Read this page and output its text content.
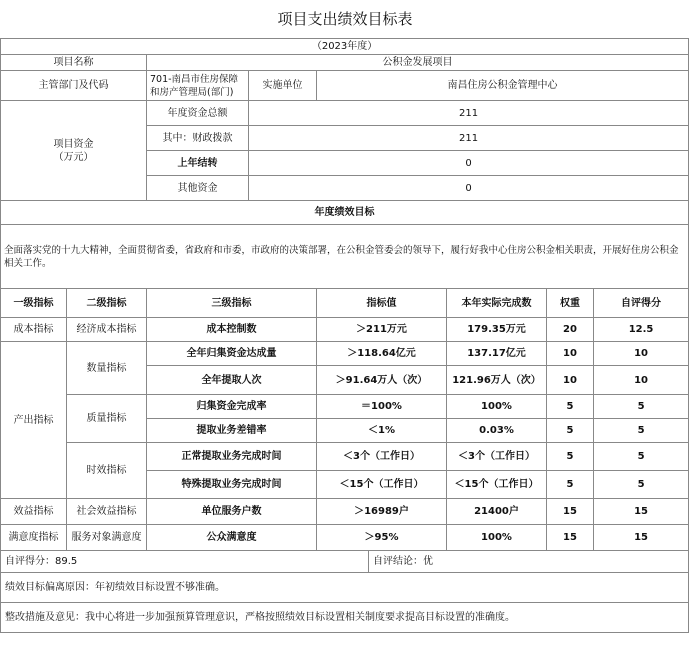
项目支出绩效目标表
（2023年度）								
项目名称		公积金发展项目						
主管部门及代码		701-南昌市住房保障和房产管理局(部门)	实施单位	南昌住房公积金管理中心				
项目资金
（万元）		年度资金总额	211					
		其中：财政拨款	211					
		上年结转	0					
		其他资金	0					
年度绩效目标								
全面落实党的十九大精神，全面贯彻省委，省政府和市委，市政府的决策部署，在公积金管委会的领导下，履行好我中心住房公积金相关职责，开展好住房公积金相关工作。								
一级指标	二级指标	三级指标		指标值		本年实际完成数	权重	自评得分
成本指标	经济成本指标	成本控制数		＞211万元		179.35万元	20	12.5
产出指标	数量指标	全年归集资金达成量		＞118.64亿元		137.17亿元	10	10
		全年提取人次		＞91.64万人（次）		121.96万人（次）	10	10
	质量指标	归集资金完成率		＝100%		100%	5	5
		提取业务差错率		＜1%		0.03%	5	5
	时效指标	正常提取业务完成时间		＜3个（工作日）		＜3个（工作日）	5	5
		特殊提取业务完成时间		＜15个（工作日）		＜15个（工作日）	5	5
效益指标	社会效益指标	单位服务户数		＞16989户		21400户	15	15
满意度指标	服务对象满意度	公众满意度		＞95%		100%	15	15
自评得分：89.5					自评结论：优			
绩效目标偏离原因：年初绩效目标设置不够准确。								
整改措施及意见：我中心将进一步加强预算管理意识，严格按照绩效目标设置相关制度要求提高目标设置的准确度。								
